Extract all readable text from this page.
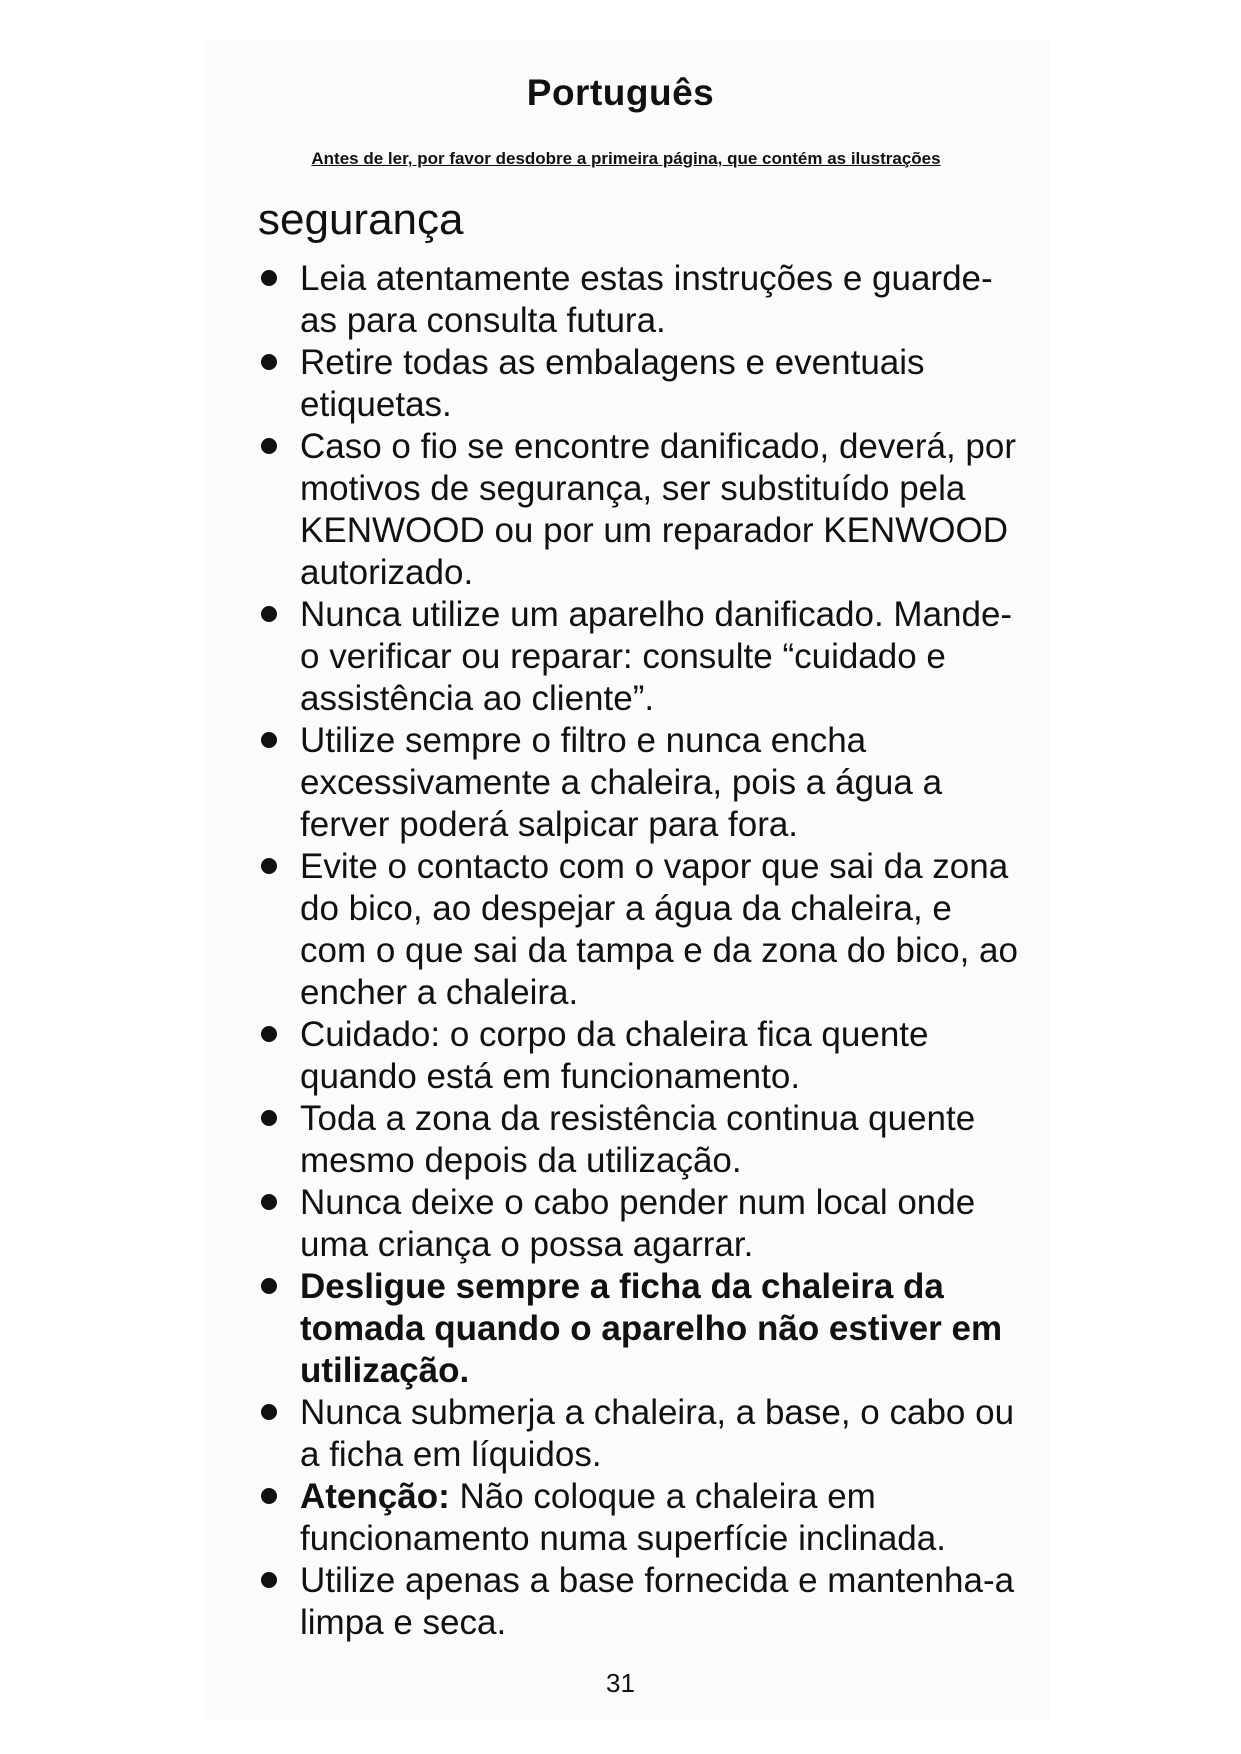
Português
Antes de ler, por favor desdobre a primeira página, que contém as ilustrações
segurança
Leia atentamente estas instruções e guarde-as para consulta futura.
Retire todas as embalagens e eventuais etiquetas.
Caso o fio se encontre danificado, deverá, por motivos de segurança, ser substituído pela KENWOOD ou por um reparador KENWOOD autorizado.
Nunca utilize um aparelho danificado. Mande-o verificar ou reparar: consulte “cuidado e assistência ao cliente”.
Utilize sempre o filtro e nunca encha excessivamente a chaleira, pois a água a ferver poderá salpicar para fora.
Evite o contacto com o vapor que sai da zona do bico, ao despejar a água da chaleira, e com o que sai da tampa e da zona do bico, ao encher a chaleira.
Cuidado: o corpo da chaleira fica quente quando está em funcionamento.
Toda a zona da resistência continua quente mesmo depois da utilização.
Nunca deixe o cabo pender num local onde uma criança o possa agarrar.
Desligue sempre a ficha da chaleira da tomada quando o aparelho não estiver em utilização.
Nunca submerja a chaleira, a base, o cabo ou a ficha em líquidos.
Atenção: Não coloque a chaleira em funcionamento numa superfície inclinada.
Utilize apenas a base fornecida e mantenha-a limpa e seca.
31
